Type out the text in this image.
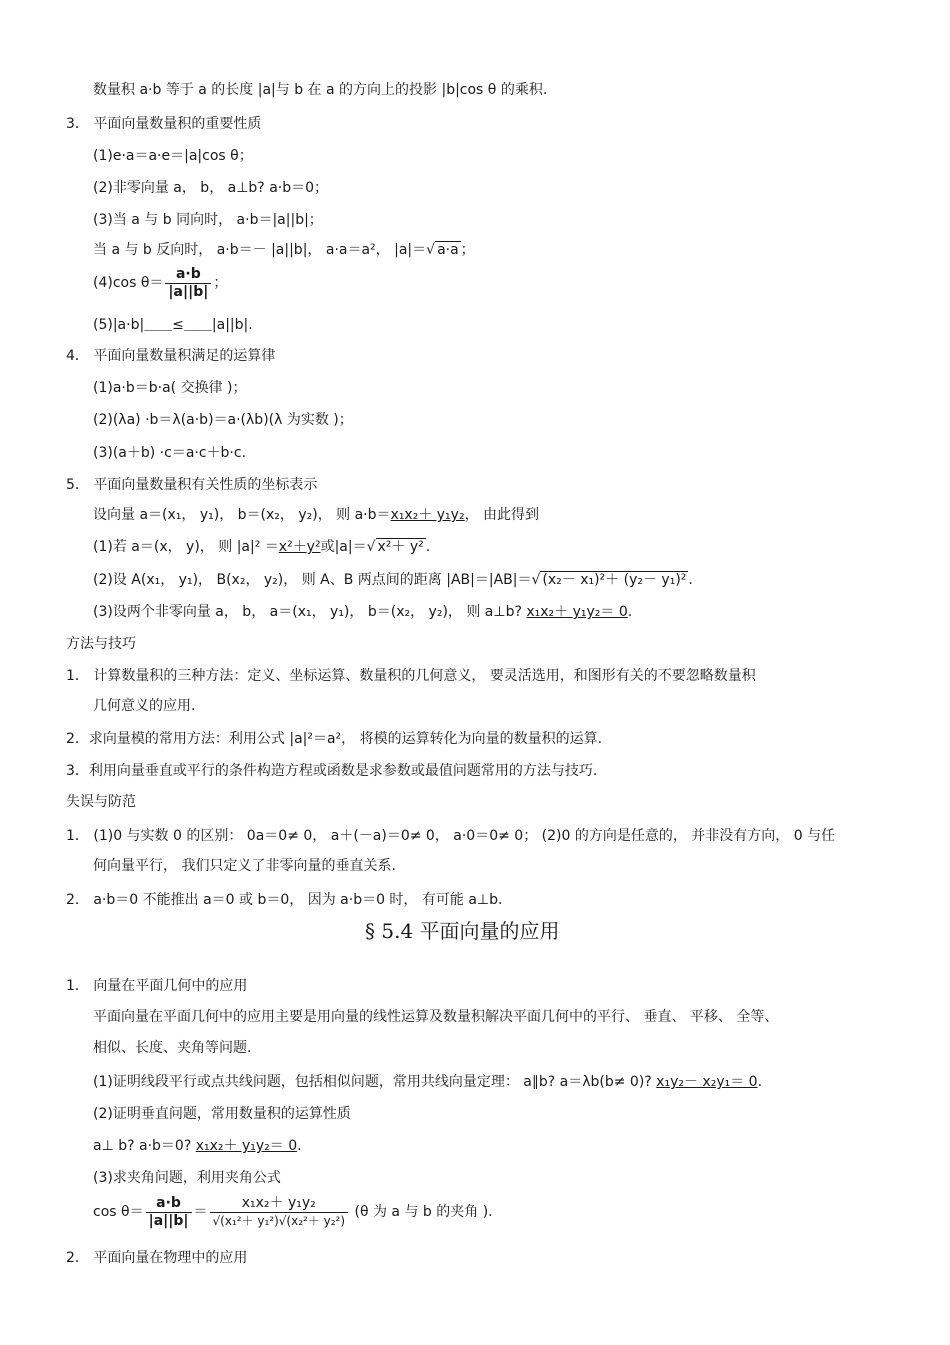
数量积 a·b 等于 a 的长度 |a|与 b 在 a 的方向上的投影 |b|cos θ 的乘积.
3． 平面向量数量积的重要性质
(1)e·a＝a·e＝|a|cos θ；
(2)非零向量 a， b， a⊥b? a·b＝0；
(3)当 a 与 b 同向时， a·b＝|a||b|；
当 a 与 b 反向时， a·b＝－ |a||b|， a·a＝a²， |a|＝√ a·a ；
(4)cos $\theta= \frac{a\cdot b}{|a||b|}$ ；
(5)|a·b|＿＿≤＿＿|a||b|.
4． 平面向量数量积满足的运算律
(1)a·b＝b·a( 交换律 )；
(2)(λa) ·b＝λ(a·b)＝a·(λb)(λ 为实数 )；
(3)(a＋b) ·c＝a·c＋b·c.
5． 平面向量数量积有关性质的坐标表示
设向量 a＝(x₁， y₁)， b＝(x₂， y₂)， 则 a·b＝x₁x₂＋ y₁y₂， 由此得到
(1)若 a＝(x， y)， 则 |a|² ＝x²＋y²或|a|＝√ x²＋ y² .
(2)设 A(x₁， y₁)， B(x₂， y₂)， 则 A、B 两点间的距离 |AB|＝|AB|＝√ (x₂－ x₁)²＋ (y₂－ y₁)² .
(3)设两个非零向量 a， b， a＝(x₁， y₁)， b＝(x₂， y₂)， 则 a⊥b? x₁x₂＋ y₁y₂＝ 0.
方法与技巧
1． 计算数量积的三种方法：定义、坐标运算、数量积的几何意义， 要灵活选用，和图形有关的不要忽略数量积
几何意义的应用.
2．求向量模的常用方法：利用公式 |a|²＝a²， 将模的运算转化为向量的数量积的运算.
3．利用向量垂直或平行的条件构造方程或函数是求参数或最值问题常用的方法与技巧.
失误与防范
1． (1)0 与实数 0 的区别： 0a＝0≠ 0， a＋(－a)＝0≠ 0， a·0＝0≠ 0； (2)0 的方向是任意的， 并非没有方向， 0 与任
何向量平行， 我们只定义了非零向量的垂直关系.
2． a·b＝0 不能推出 a＝0 或 b＝0， 因为 a·b＝0 时， 有可能 a⊥b.
§ 5.4 平面向量的应用
1． 向量在平面几何中的应用
平面向量在平面几何中的应用主要是用向量的线性运算及数量积解决平面几何中的平行、 垂直、 平移、 全等、
相似、长度、夹角等问题.
(1)证明线段平行或点共线问题，包括相似问题，常用共线向量定理： a∥b? a＝λb(b≠ 0)? x₁y₂－ x₂y₁＝ 0.
(2)证明垂直问题，常用数量积的运算性质
a⊥ b? a·b＝0? x₁x₂＋ y₁y₂＝ 0.
(3)求夹角问题，利用夹角公式
$\cos \theta= \frac{a\cdot b}{|a||b|} = \frac{\text{x₁x₂＋ y₁y₂}}{\text{√(x₁²＋ y₁²)√(x₂²＋ y₂²)}} (\theta$ 为 a 与 b 的夹角 ).
2． 平面向量在物理中的应用
